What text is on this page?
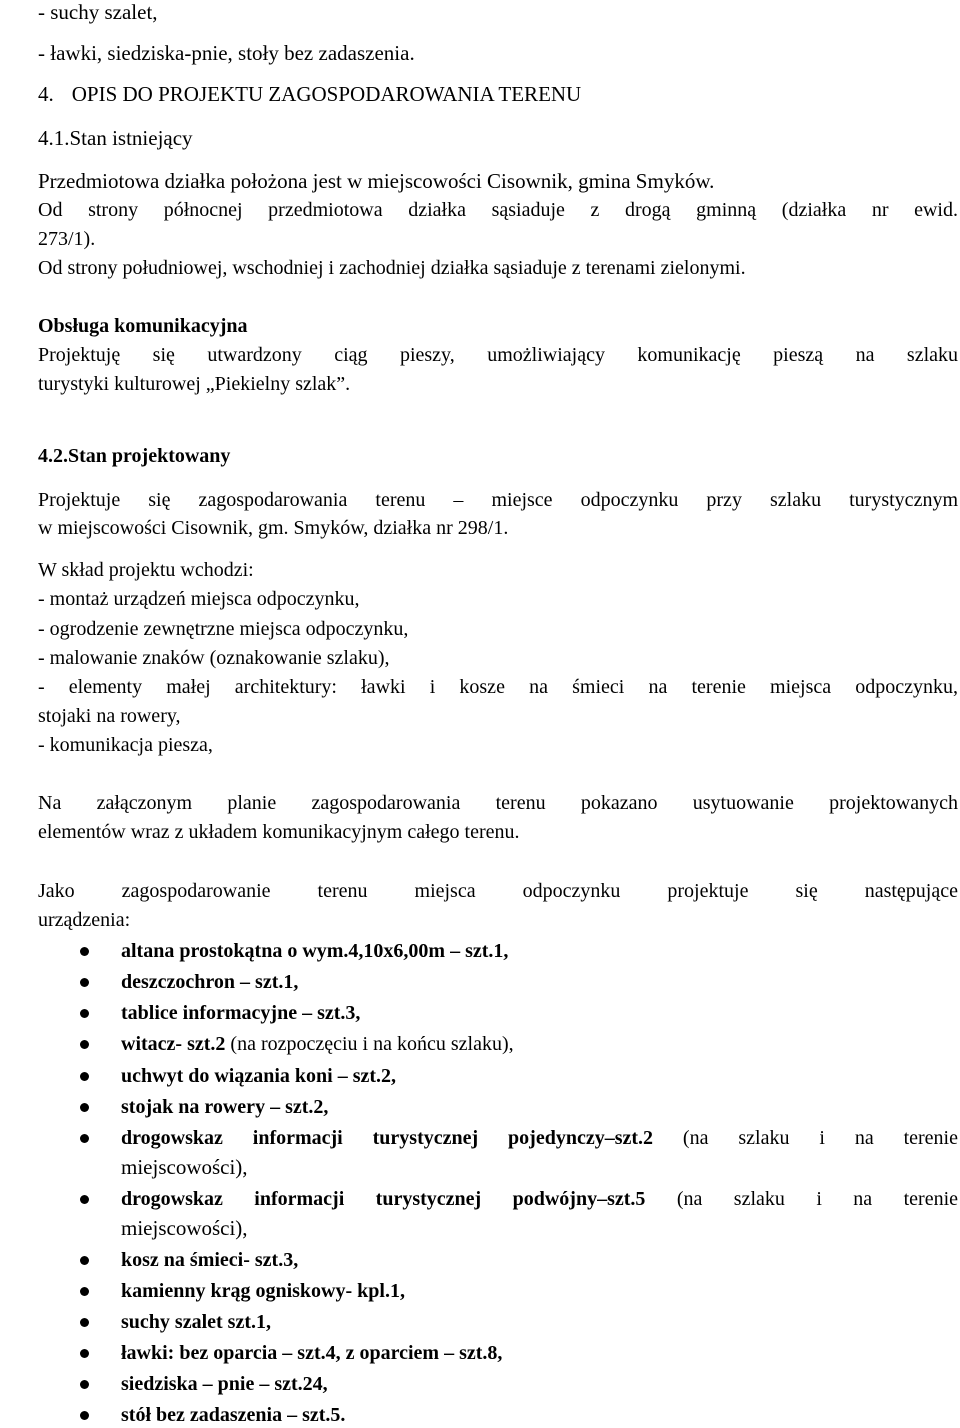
- suchy szalet,
- ławki, siedziska-pnie, stoły bez zadaszenia.
4. OPIS DO PROJEKTU ZAGOSPODAROWANIA TERENU
4.1.Stan istniejący
Przedmiotowa działka położona jest w miejscowości Cisownik, gmina Smyków.
Od strony północnej przedmiotowa działka sąsiaduje z drogą gminną (działka nr ewid.
273/1).
Od strony południowej, wschodniej i zachodniej działka sąsiaduje z terenami zielonymi.
Obsługa komunikacyjna
Projektuję się utwardzony ciąg pieszy, umożliwiający komunikację pieszą na szlaku
turystyki kulturowej „Piekielny szlak”.
4.2.Stan projektowany
Projektuje się zagospodarowania terenu – miejsce odpoczynku przy szlaku turystycznym
w miejscowości Cisownik, gm. Smyków, działka nr 298/1.
W skład projektu wchodzi:
- montaż urządzeń miejsca odpoczynku,
- ogrodzenie zewnętrzne miejsca odpoczynku,
- malowanie znaków (oznakowanie szlaku),
- elementy małej architektury: ławki i kosze na śmieci na terenie miejsca odpoczynku,
stojaki na rowery,
- komunikacja piesza,
Na załączonym planie zagospodarowania terenu pokazano usytuowanie projektowanych
elementów wraz z układem komunikacyjnym całego terenu.
Jako zagospodarowanie terenu miejsca odpoczynku projektuje się następujące
urządzenia:
altana prostokątna o wym.4,10x6,00m – szt.1,
deszczochron – szt.1,
tablice informacyjne – szt.3,
witacz- szt.2 (na rozpoczęciu i na końcu szlaku),
uchwyt do wiązania koni – szt.2,
stojak na rowery – szt.2,
drogowskaz informacji turystycznej pojedynczy–szt.2 (na szlaku i na terenie
miejscowości),
drogowskaz informacji turystycznej podwójny–szt.5 (na szlaku i na terenie
miejscowości),
kosz na śmieci- szt.3,
kamienny krąg ogniskowy- kpl.1,
suchy szalet szt.1,
ławki: bez oparcia – szt.4, z oparciem – szt.8,
siedziska – pnie – szt.24,
stół bez zadaszenia – szt.5.
